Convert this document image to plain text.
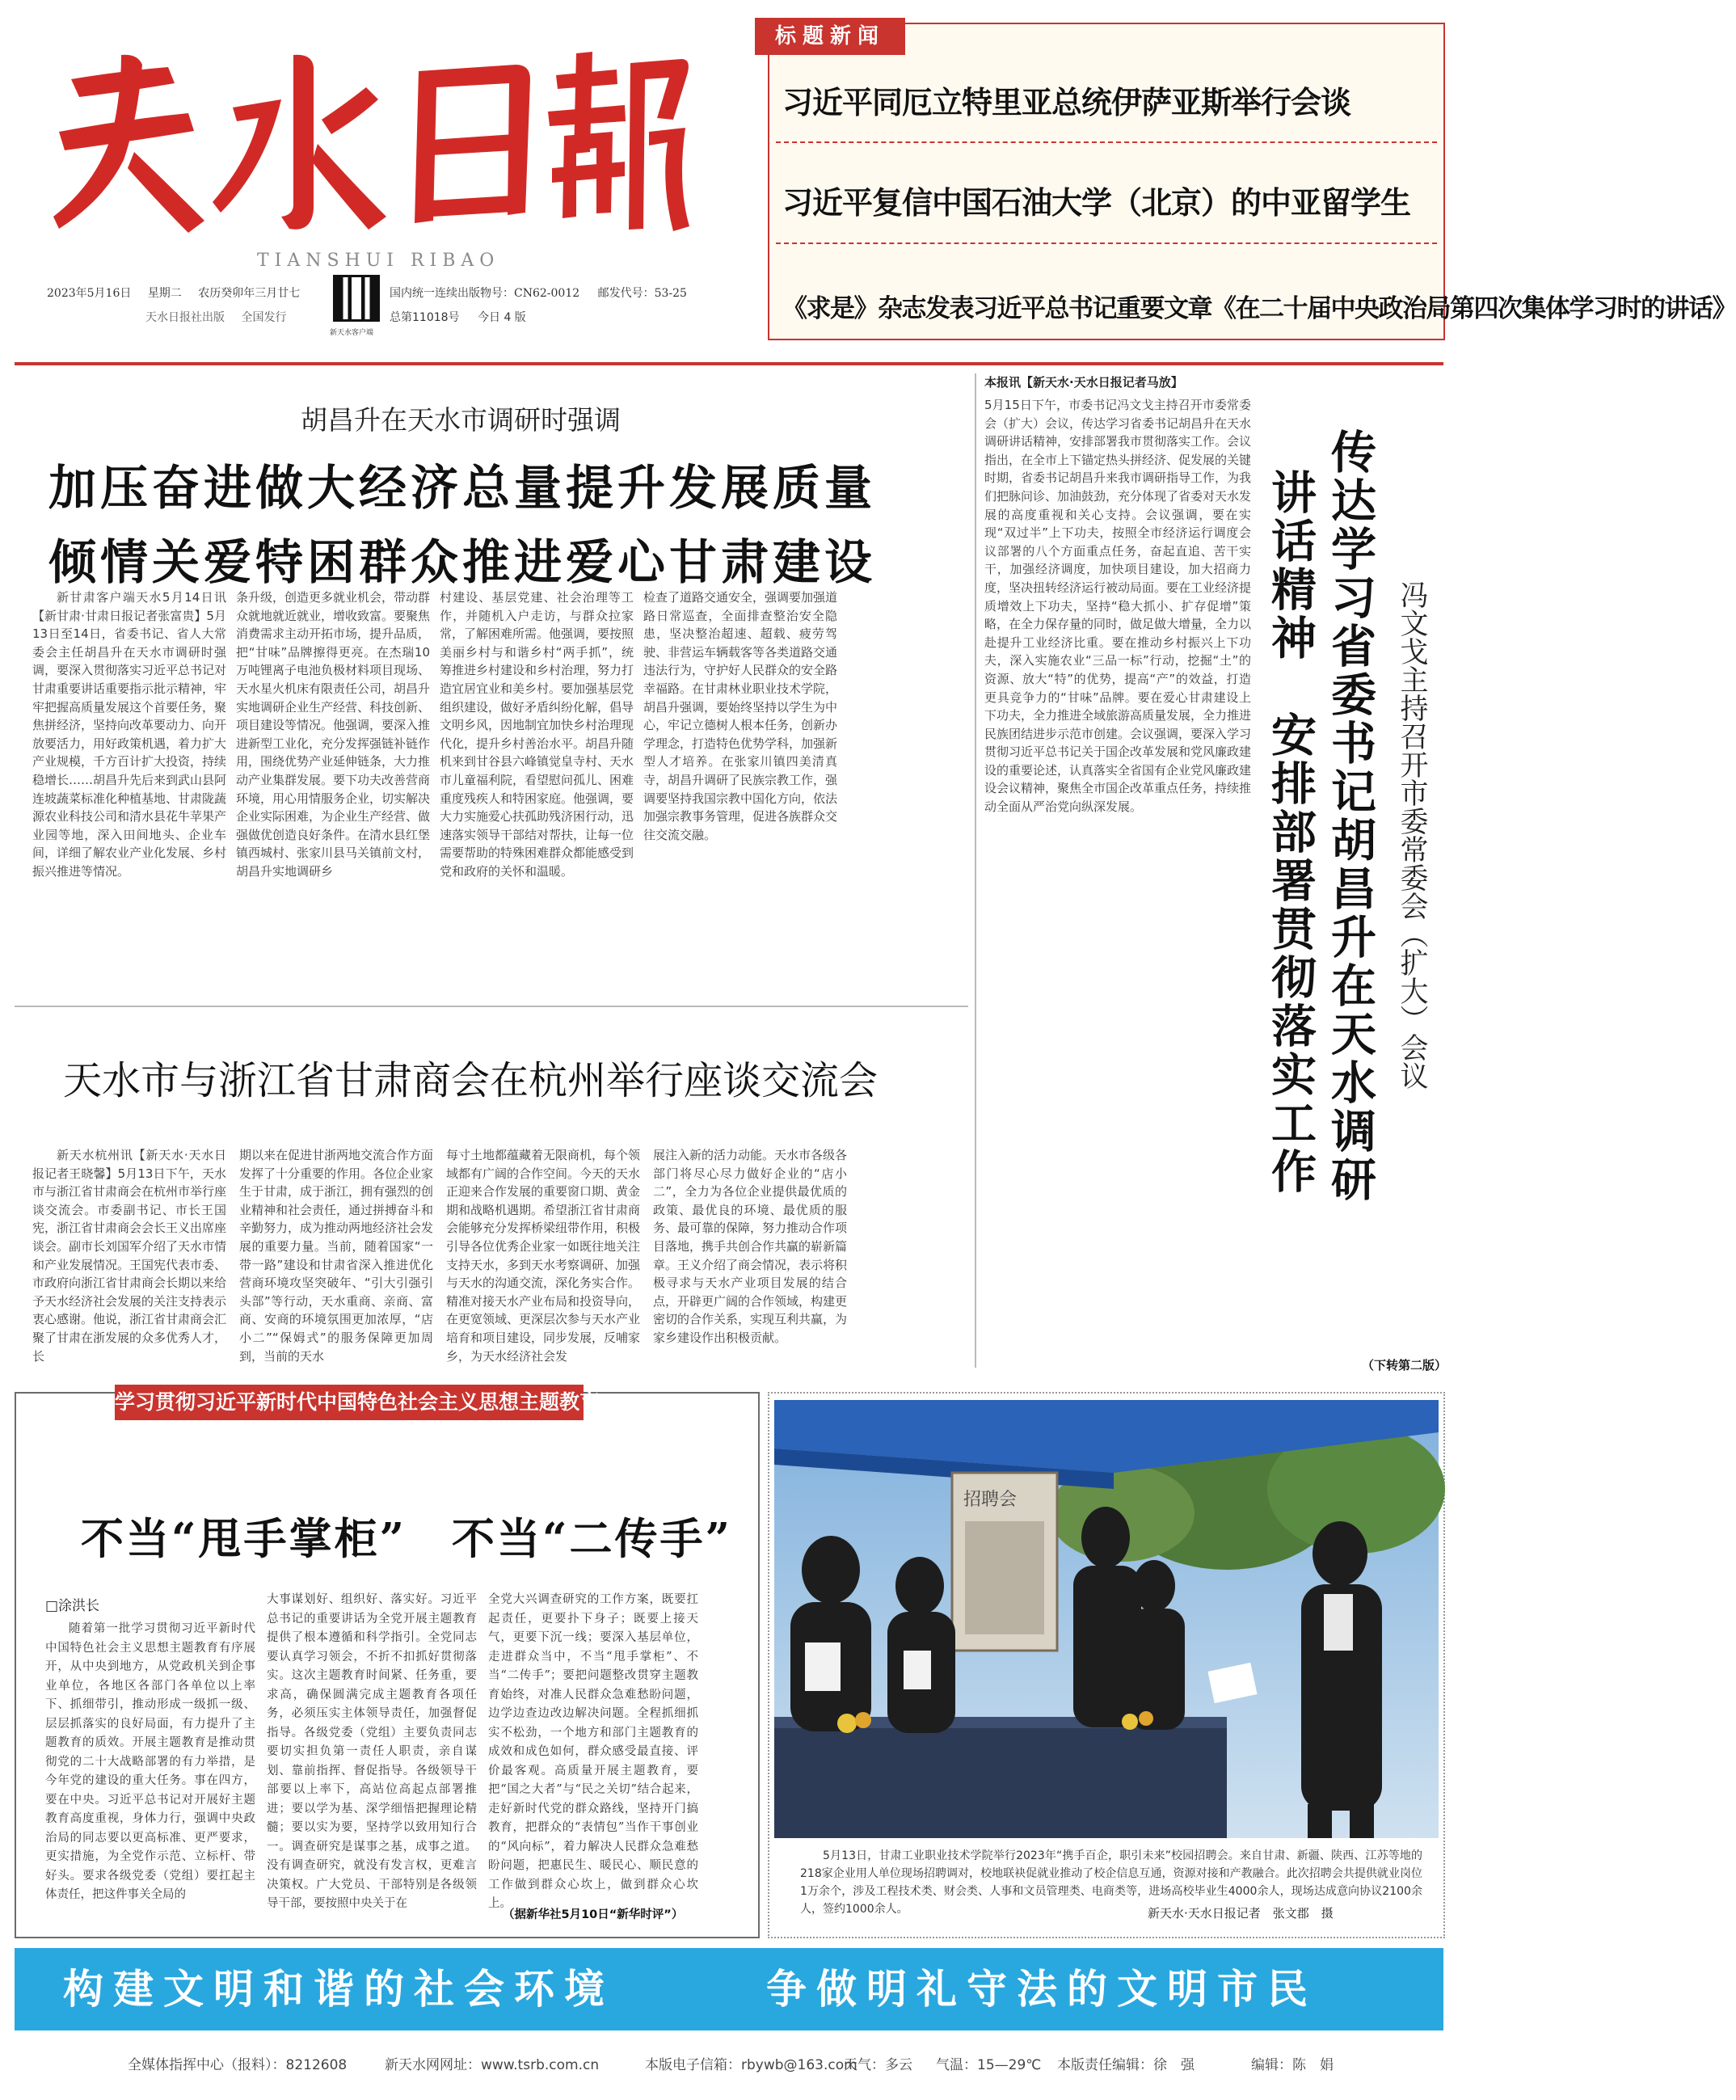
TIANSHUI RIBAO
2023年5月16日 星期二 农历癸卯年三月廿七
天水日报社出版 全国发行
新天水客户端
国内统一连续出版物号：CN62-0012 邮发代号：53-25
总第11018号 今日 4 版
标题新闻
习近平同厄立特里亚总统伊萨亚斯举行会谈
习近平复信中国石油大学（北京）的中亚留学生
《求是》杂志发表习近平总书记重要文章《在二十届中央政治局第四次集体学习时的讲话》
胡昌升在天水市调研时强调
加压奋进做大经济总量提升发展质量
倾情关爱特困群众推进爱心甘肃建设

新甘肃客户端天水5月14日讯【新甘肃·甘肃日报记者张富贵】5月13日至14日，省委书记、省人大常委会主任胡昌升在天水市调研时强调，要深入贯彻落实习近平总书记对甘肃重要讲话重要指示批示精神，牢牢把握高质量发展这个首要任务，聚焦拼经济，坚持向改革要动力、向开放要活力，用好政策机遇，着力扩大产业规模，千方百计扩大投资，持续稳增长……胡昌升先后来到武山县阿连坡蔬菜标准化种植基地、甘肃陇蔬源农业科技公司和清水县花牛苹果产业园等地，深入田间地头、企业车间，详细了解农业产业化发展、乡村振兴推进等情况。

条升级，创造更多就业机会，带动群众就地就近就业，增收致富。要聚焦消费需求主动开拓市场，提升品质，把“甘味”品牌擦得更亮。在杰瑞10万吨锂离子电池负极材料项目现场、天水星火机床有限责任公司，胡昌升实地调研企业生产经营、科技创新、项目建设等情况。他强调，要深入推进新型工业化，充分发挥强链补链作用，围绕优势产业延伸链条，大力推动产业集群发展。要下功夫改善营商环境，用心用情服务企业，切实解决企业实际困难，为企业生产经营、做强做优创造良好条件。在清水县红堡镇西城村、张家川县马关镇前文村，胡昌升实地调研乡

村建设、基层党建、社会治理等工作，并随机入户走访，与群众拉家常，了解困难所需。他强调，要按照美丽乡村与和谐乡村“两手抓”，统筹推进乡村建设和乡村治理，努力打造宜居宜业和美乡村。要加强基层党组织建设，做好矛盾纠纷化解，倡导文明乡风，因地制宜加快乡村治理现代化，提升乡村善治水平。胡昌升随机来到甘谷县六峰镇觉皇寺村、天水市儿童福利院，看望慰问孤儿、困难重度残疾人和特困家庭。他强调，要大力实施爱心扶孤助残济困行动，迅速落实领导干部结对帮扶，让每一位需要帮助的特殊困难群众都能感受到党和政府的关怀和温暖。

检查了道路交通安全，强调要加强道路日常巡查，全面排查整治安全隐患，坚决整治超速、超载、疲劳驾驶、非营运车辆载客等各类道路交通违法行为，守护好人民群众的安全路幸福路。在甘肃林业职业技术学院，胡昌升强调，要始终坚持以学生为中心，牢记立德树人根本任务，创新办学理念，打造特色优势学科，加强新型人才培养。在张家川镇四美清真寺，胡昌升调研了民族宗教工作，强调要坚持我国宗教中国化方向，依法加强宗教事务管理，促进各族群众交往交流交融。

本报讯【新天水·天水日报记者马放】

5月15日下午，市委书记冯文戈主持召开市委常委会（扩大）会议，传达学习省委书记胡昌升在天水调研讲话精神，安排部署我市贯彻落实工作。会议指出，在全市上下锚定热头拼经济、促发展的关键时期，省委书记胡昌升来我市调研指导工作，为我们把脉问诊、加油鼓劲，充分体现了省委对天水发展的高度重视和关心支持。会议强调，要在实现“双过半”上下功夫，按照全市经济运行调度会议部署的八个方面重点任务，奋起直追、苦干实干，加强经济调度，加快项目建设，加大招商力度，坚决扭转经济运行被动局面。要在工业经济提质增效上下功夫，坚持“稳大抓小、扩存促增”策略，在全力保存量的同时，做足做大增量，全力以赴提升工业经济比重。要在推动乡村振兴上下功夫，深入实施农业“三品一标”行动，挖掘“土”的资源、放大“特”的优势，提高“产”的效益，打造更具竞争力的“甘味”品牌。要在爱心甘肃建设上下功夫，全力推进全域旅游高质量发展，全力推进民族团结进步示范市创建。会议强调，要深入学习贯彻习近平总书记关于国企改革发展和党风廉政建设的重要论述，认真落实全省国有企业党风廉政建设会议精神，聚焦全市国企改革重点任务，持续推动全面从严治党向纵深发展。	传达学习省委书记胡昌升在天水调研
讲话精神　安排部署贯彻落实工作	冯文戈主持召开市委常委会（扩大）会议
（下转第二版）
天水市与浙江省甘肃商会在杭州举行座谈交流会

新天水杭州讯【新天水·天水日报记者王晓馨】5月13日下午，天水市与浙江省甘肃商会在杭州市举行座谈交流会。市委副书记、市长王国宪，浙江省甘肃商会会长王义出席座谈会。副市长刘国军介绍了天水市情和产业发展情况。王国宪代表市委、市政府向浙江省甘肃商会长期以来给予天水经济社会发展的关注支持表示衷心感谢。他说，浙江省甘肃商会汇聚了甘肃在浙发展的众多优秀人才，长

期以来在促进甘浙两地交流合作方面发挥了十分重要的作用。各位企业家生于甘肃，成于浙江，拥有强烈的创业精神和社会责任，通过拼搏奋斗和辛勤努力，成为推动两地经济社会发展的重要力量。当前，随着国家“一带一路”建设和甘肃省深入推进优化营商环境攻坚突破年、“引大引强引头部”等行动，天水重商、亲商、富商、安商的环境氛围更加浓厚，“店小二”“保姆式”的服务保障更加周到，当前的天水

每寸土地都蕴藏着无限商机，每个领域都有广阔的合作空间。今天的天水正迎来合作发展的重要窗口期、黄金期和战略机遇期。希望浙江省甘肃商会能够充分发挥桥梁纽带作用，积极引导各位优秀企业家一如既往地关注支持天水，多到天水考察调研、加强与天水的沟通交流，深化务实合作。精准对接天水产业布局和投资导向，在更宽领域、更深层次参与天水产业培育和项目建设，同步发展，反哺家乡，为天水经济社会发

展注入新的活力动能。天水市各级各部门将尽心尽力做好企业的“店小二”，全力为各位企业提供最优质的政策、最优良的环境、最优质的服务、最可靠的保障，努力推动合作项目落地，携手共创合作共赢的崭新篇章。王义介绍了商会情况，表示将积极寻求与天水产业项目发展的结合点，开辟更广阔的合作领域，构建更密切的合作关系，实现互利共赢，为家乡建设作出积极贡献。

学习贯彻习近平新时代中国特色社会主义思想主题教育
不当“甩手掌柜”　不当“二传手”
□涂洪长

随着第一批学习贯彻习近平新时代中国特色社会主义思想主题教育有序展开，从中央到地方，从党政机关到企事业单位，各地区各部门各单位以上率下、抓细带引，推动形成一级抓一级、层层抓落实的良好局面，有力提升了主题教育的质效。开展主题教育是推动贯彻党的二十大战略部署的有力举措，是今年党的建设的重大任务。事在四方，要在中央。习近平总书记对开展好主题教育高度重视，身体力行，强调中央政治局的同志要以更高标准、更严要求，更实措施，为全党作示范、立标杆、带好头。要求各级党委（党组）要扛起主体责任，把这件事关全局的

大事谋划好、组织好、落实好。习近平总书记的重要讲话为全党开展主题教育提供了根本遵循和科学指引。全党同志要认真学习领会，不折不扣抓好贯彻落实。这次主题教育时间紧、任务重，要求高，确保圆满完成主题教育各项任务，必须压实主体领导责任，加强督促指导。各级党委（党组）主要负责同志要切实担负第一责任人职责，亲自谋划、靠前指挥、督促指导。各级领导干部要以上率下，高站位高起点部署推进；要以学为基、深学细悟把握理论精髓；要以实为要，坚持学以致用知行合一。调查研究是谋事之基，成事之道。没有调查研究，就没有发言权，更难言决策权。广大党员、干部特别是各级领导干部，要按照中央关于在

全党大兴调查研究的工作方案，既要扛起责任，更要扑下身子；既要上接天气，更要下沉一线；要深入基层单位，走进群众当中，不当“甩手掌柜”、不当“二传手”；要把问题整改贯穿主题教育始终，对准人民群众急难愁盼问题，边学边查边改边解决问题。全程抓细抓实不松劲，一个地方和部门主题教育的成效和成色如何，群众感受最直接、评价最客观。高质量开展主题教育，要把“国之大者”与“民之关切”结合起来，走好新时代党的群众路线，坚持开门搞教育，把群众的“表情包”当作干事创业的“风向标”，着力解决人民群众急难愁盼问题，把惠民生、暖民心、顺民意的工作做到群众心坎上，做到群众心坎上。

（据新华社5月10日“新华时评”）
招聘会
5月13日，甘肃工业职业技术学院举行2023年“携手百企，职引未来”校园招聘会。来自甘肃、新疆、陕西、江苏等地的218家企业用人单位现场招聘调对，校地联袂促就业推动了校企信息互通，资源对接和产教融合。此次招聘会共提供就业岗位1万余个，涉及工程技术类、财会类、人事和文员管理类、电商类等，进场高校毕业生4000余人，现场达成意向协议2100余人，签约1000余人。	新天水·天水日报记者　张文郡　摄
构建文明和谐的社会环境	争做明礼守法的文明市民
全媒体指挥中心（报料）：8212608	新天水网网址：www.tsrb.com.cn	本版电子信箱：rbywb@163.com
天气：多云 气温：15—29℃ 本版责任编辑：徐　强	编辑：陈　娟
